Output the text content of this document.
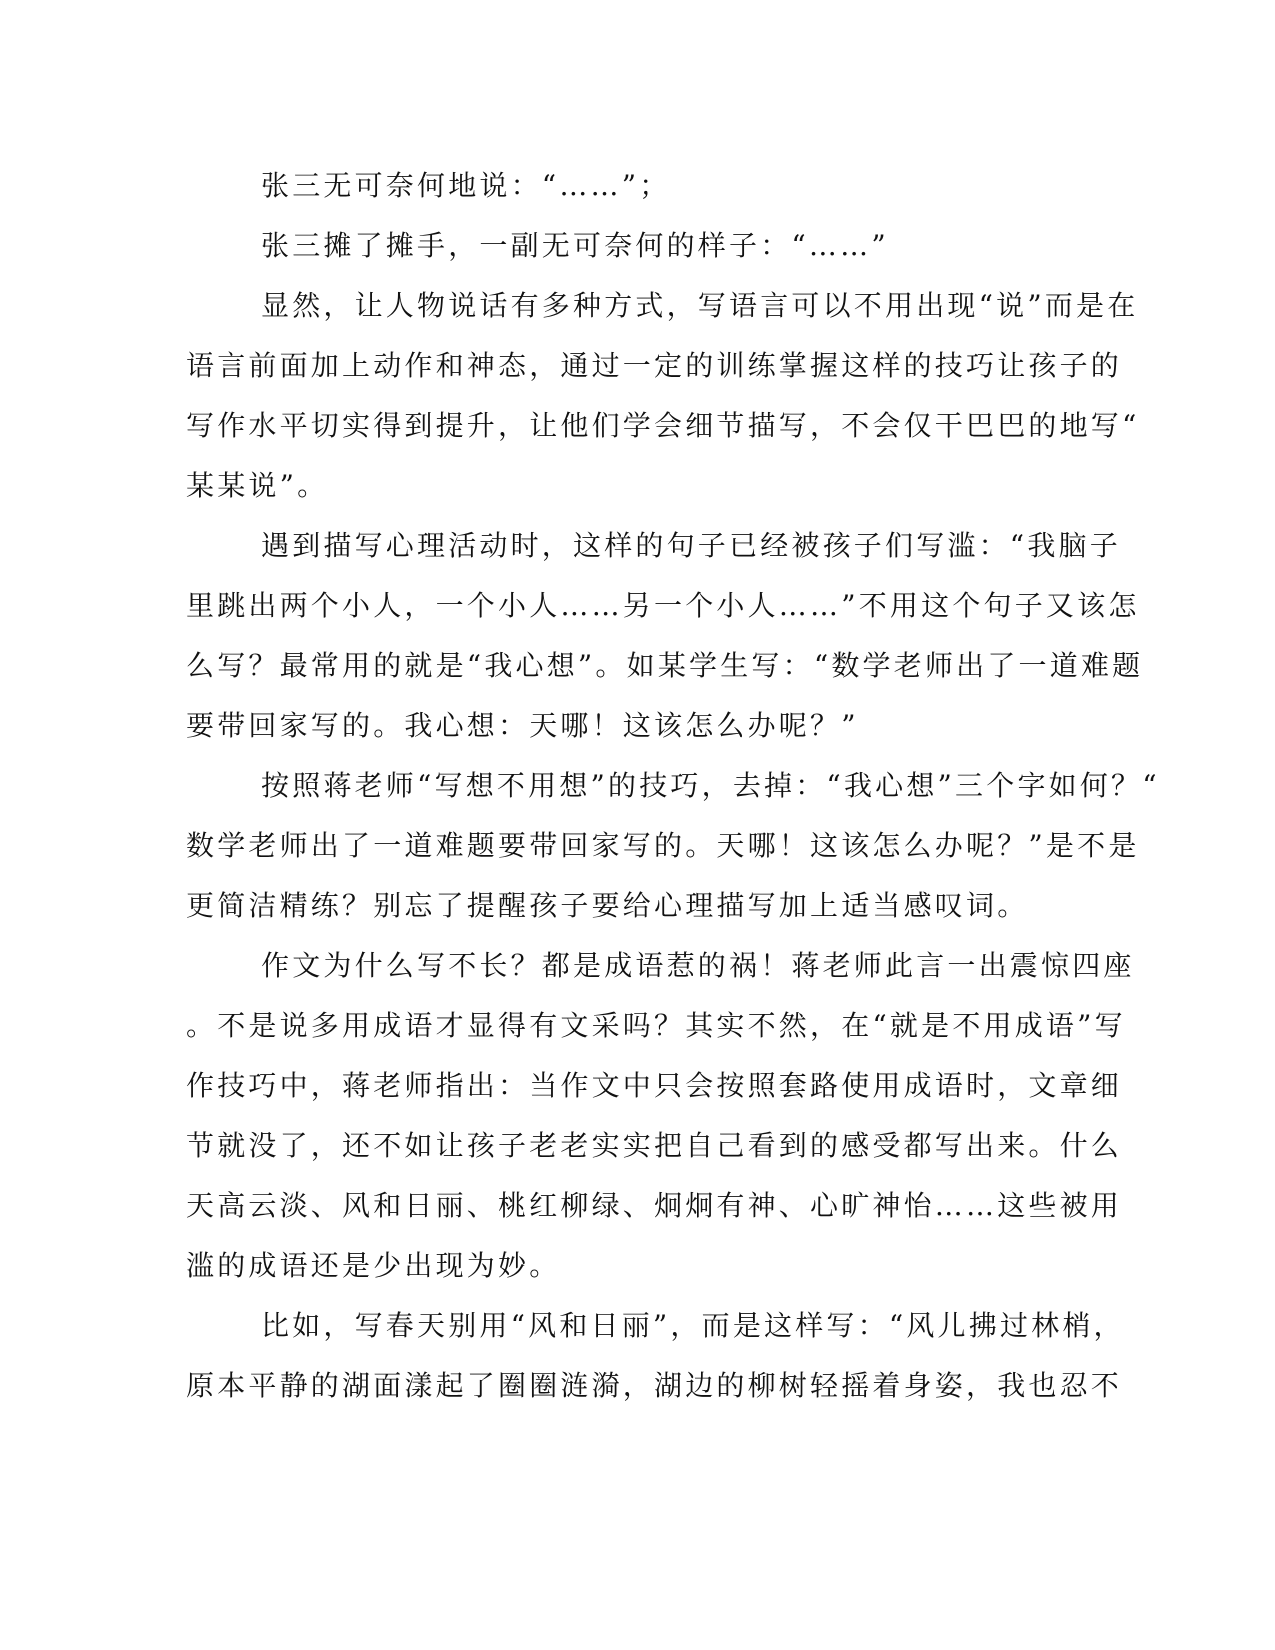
张三无可奈何地说：“……”；
张三摊了摊手，一副无可奈何的样子：“……”
显然，让人物说话有多种方式，写语言可以不用出现“说”而是在
语言前面加上动作和神态，通过一定的训练掌握这样的技巧让孩子的
写作水平切实得到提升，让他们学会细节描写，不会仅干巴巴的地写“
某某说”。
遇到描写心理活动时，这样的句子已经被孩子们写滥：“我脑子
里跳出两个小人，一个小人……另一个小人……”不用这个句子又该怎
么写？最常用的就是“我心想”。如某学生写：“数学老师出了一道难题
要带回家写的。我心想：天哪！这该怎么办呢？”
按照蒋老师“写想不用想”的技巧，去掉：“我心想”三个字如何？“
数学老师出了一道难题要带回家写的。天哪！这该怎么办呢？”是不是
更简洁精练？别忘了提醒孩子要给心理描写加上适当感叹词。
作文为什么写不长？都是成语惹的祸！蒋老师此言一出震惊四座
。不是说多用成语才显得有文采吗？其实不然，在“就是不用成语”写
作技巧中，蒋老师指出：当作文中只会按照套路使用成语时，文章细
节就没了，还不如让孩子老老实实把自己看到的感受都写出来。什么
天高云淡、风和日丽、桃红柳绿、炯炯有神、心旷神怡……这些被用
滥的成语还是少出现为妙。
比如，写春天别用“风和日丽”，而是这样写：“风儿拂过林梢，
原本平静的湖面漾起了圈圈涟漪，湖边的柳树轻摇着身姿，我也忍不
